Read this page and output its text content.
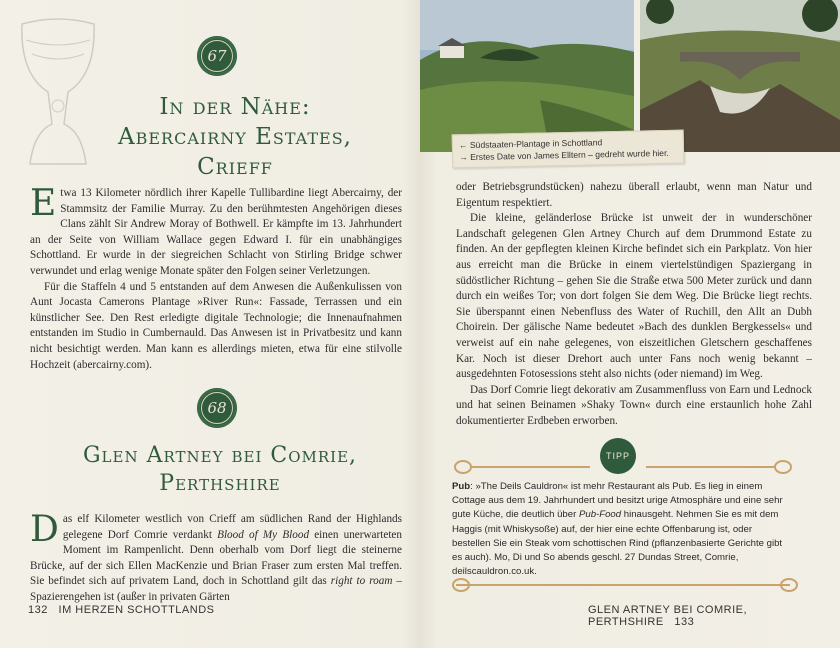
67
In der Nähe:
Abercairny Estates,
Crieff

Etwa 13 Kilometer nördlich ihrer Kapelle Tullibardine liegt Abercairny, der Stammsitz der Familie Murray. Zu den berühmtesten Angehörigen dieses Clans zählt Sir Andrew Moray of Bothwell. Er kämpfte im 13. Jahrhundert an der Seite von William Wallace gegen Edward I. für ein unabhängiges Schottland. Er wurde in der siegreichen Schlacht von Stirling Bridge schwer verwundet und erlag wenige Monate später den Folgen seiner Verletzungen.

Für die Staffeln 4 und 5 entstanden auf dem Anwesen die Außenkulissen von Aunt Jocasta Camerons Plantage »River Run«: Fassade, Terrassen und ein künstlicher See. Den Rest erledigte digitale Technologie; die Innenaufnahmen entstanden im Studio in Cumbernauld. Das Anwesen ist in Privatbesitz und kann nicht besichtigt werden. Man kann es allerdings mieten, etwa für eine stilvolle Hochzeit (abercairny.com).

68
Glen Artney bei Comrie,
Perthshire

Das elf Kilometer westlich von Crieff am südlichen Rand der Highlands gelegene Dorf Comrie verdankt Blood of My Blood einen unerwarteten Moment im Rampenlicht. Denn oberhalb vom Dorf liegt die steinerne Brücke, auf der sich Ellen MacKenzie und Brian Fraser zum ersten Mal treffen. Sie befindet sich auf privatem Land, doch in Schottland gilt das right to roam – Spazierengehen ist (außer in privaten Gärten

132 IM HERZEN SCHOTTLANDS
← Südstaaten-Plantage in Schottland
→ Erstes Date von James Elltern – gedreht wurde hier.

oder Betriebsgrundstücken) nahezu überall erlaubt, wenn man Natur und Eigentum respektiert.

Die kleine, geländerlose Brücke ist unweit der in wunderschöner Landschaft gelegenen Glen Artney Church auf dem Drummond Estate zu finden. An der gepflegten kleinen Kirche befindet sich ein Parkplatz. Von hier aus erreicht man die Brücke in einem viertelstündigen Spaziergang in südöstlicher Richtung – gehen Sie die Straße etwa 500 Meter zurück und dann durch ein weißes Tor; von dort folgen Sie dem Weg. Die Brücke liegt rechts. Sie überspannt einen Nebenfluss des Water of Ruchill, den Allt an Dubh Choirein. Der gälische Name bedeutet »Bach des dunklen Bergkessels« und verweist auf ein nahe gelegenes, von eiszeitlichen Gletschern geschaffenes Kar. Noch ist dieser Drehort auch unter Fans noch wenig bekannt – ausgedehnten Fotosessions steht also nichts (oder niemand) im Weg.

Das Dorf Comrie liegt dekorativ am Zusammenfluss von Earn und Lednock und hat seinen Beinamen »Shaky Town« durch eine erstaunlich hohe Zahl dokumentierter Erdbeben erworben.

TIPP
Pub: »The Deils Cauldron« ist mehr Restaurant als Pub. Es lieg in einem Cottage aus dem 19. Jahrhundert und besitzt urige Atmosphäre und eine sehr gute Küche, die deutlich über Pub-Food hinausgeht. Nehmen Sie es mit dem Haggis (mit Whiskysoße) auf, der hier eine echte Offenbarung ist, oder bestellen Sie ein Steak vom schottischen Rind (pflanzenbasierte Gerichte gibt es auch). Mo, Di und So abends geschl. 27 Dundas Street, Comrie, deilscauldron.co.uk.
GLEN ARTNEY BEI COMRIE, PERTHSHIRE 133
